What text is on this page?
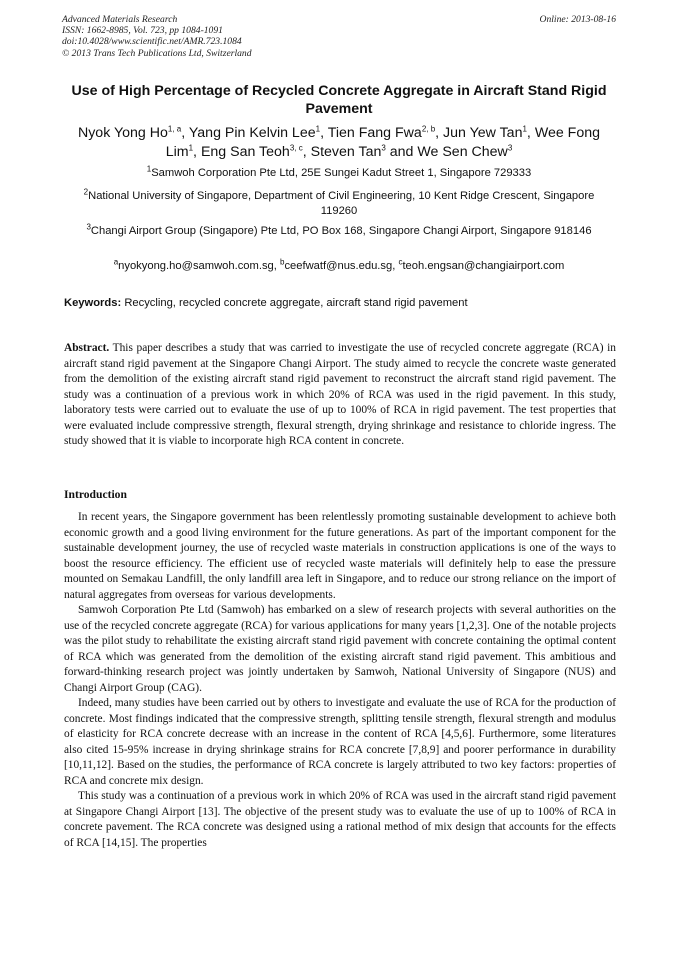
Advanced Materials Research
ISSN: 1662-8985, Vol. 723, pp 1084-1091
doi:10.4028/www.scientific.net/AMR.723.1084
© 2013 Trans Tech Publications Ltd, Switzerland
Online: 2013-08-16
Use of High Percentage of Recycled Concrete Aggregate in Aircraft Stand Rigid Pavement
Nyok Yong Ho$^{1, a}$, Yang Pin Kelvin Lee$^1$, Tien Fang Fwa$^{2, b}$, Jun Yew Tan$^1$, Wee Fong Lim$^1$, Eng San Teoh$^{3, c}$, Steven Tan$^3$ and We Sen Chew$^3$
$^1$Samwoh Corporation Pte Ltd, 25E Sungei Kadut Street 1, Singapore 729333
$^2$National University of Singapore, Department of Civil Engineering, 10 Kent Ridge Crescent, Singapore 119260
$^3$Changi Airport Group (Singapore) Pte Ltd, PO Box 168, Singapore Changi Airport, Singapore 918146
$^a$nyokyong.ho@samwoh.com.sg, $^b$ceefwatf@nus.edu.sg, $^c$teoh.engsan@changiairport.com
Keywords: Recycling, recycled concrete aggregate, aircraft stand rigid pavement
Abstract. This paper describes a study that was carried to investigate the use of recycled concrete aggregate (RCA) in aircraft stand rigid pavement at the Singapore Changi Airport. The study aimed to recycle the concrete waste generated from the demolition of the existing aircraft stand rigid pavement to reconstruct the aircraft stand rigid pavement. The study was a continuation of a previous work in which 20% of RCA was used in the rigid pavement. In this study, laboratory tests were carried out to evaluate the use of up to 100% of RCA in rigid pavement. The test properties that were evaluated include compressive strength, flexural strength, drying shrinkage and resistance to chloride ingress. The study showed that it is viable to incorporate high RCA content in concrete.
Introduction

In recent years, the Singapore government has been relentlessly promoting sustainable development to achieve both economic growth and a good living environment for the future generations. As part of the important component for the sustainable development journey, the use of recycled waste materials in construction applications is one of the ways to boost the resource efficiency. The efficient use of recycled waste materials will definitely help to ease the pressure mounted on Semakau Landfill, the only landfill area left in Singapore, and to reduce our strong reliance on the import of natural aggregates from overseas for various developments.

Samwoh Corporation Pte Ltd (Samwoh) has embarked on a slew of research projects with several authorities on the use of the recycled concrete aggregate (RCA) for various applications for many years [1,2,3]. One of the notable projects was the pilot study to rehabilitate the existing aircraft stand rigid pavement with concrete containing the optimal content of RCA which was generated from the demolition of the existing aircraft stand rigid pavement. This ambitious and forward-thinking research project was jointly undertaken by Samwoh, National University of Singapore (NUS) and Changi Airport Group (CAG).

Indeed, many studies have been carried out by others to investigate and evaluate the use of RCA for the production of concrete. Most findings indicated that the compressive strength, splitting tensile strength, flexural strength and modulus of elasticity for RCA concrete decrease with an increase in the content of RCA [4,5,6]. Furthermore, some literatures also cited 15-95% increase in drying shrinkage strains for RCA concrete [7,8,9] and poorer performance in durability [10,11,12]. Based on the studies, the performance of RCA concrete is largely attributed to two key factors: properties of RCA and concrete mix design.

This study was a continuation of a previous work in which 20% of RCA was used in the aircraft stand rigid pavement at Singapore Changi Airport [13]. The objective of the present study was to evaluate the use of up to 100% of RCA in concrete pavement. The RCA concrete was designed using a rational method of mix design that accounts for the effects of RCA [14,15]. The properties
